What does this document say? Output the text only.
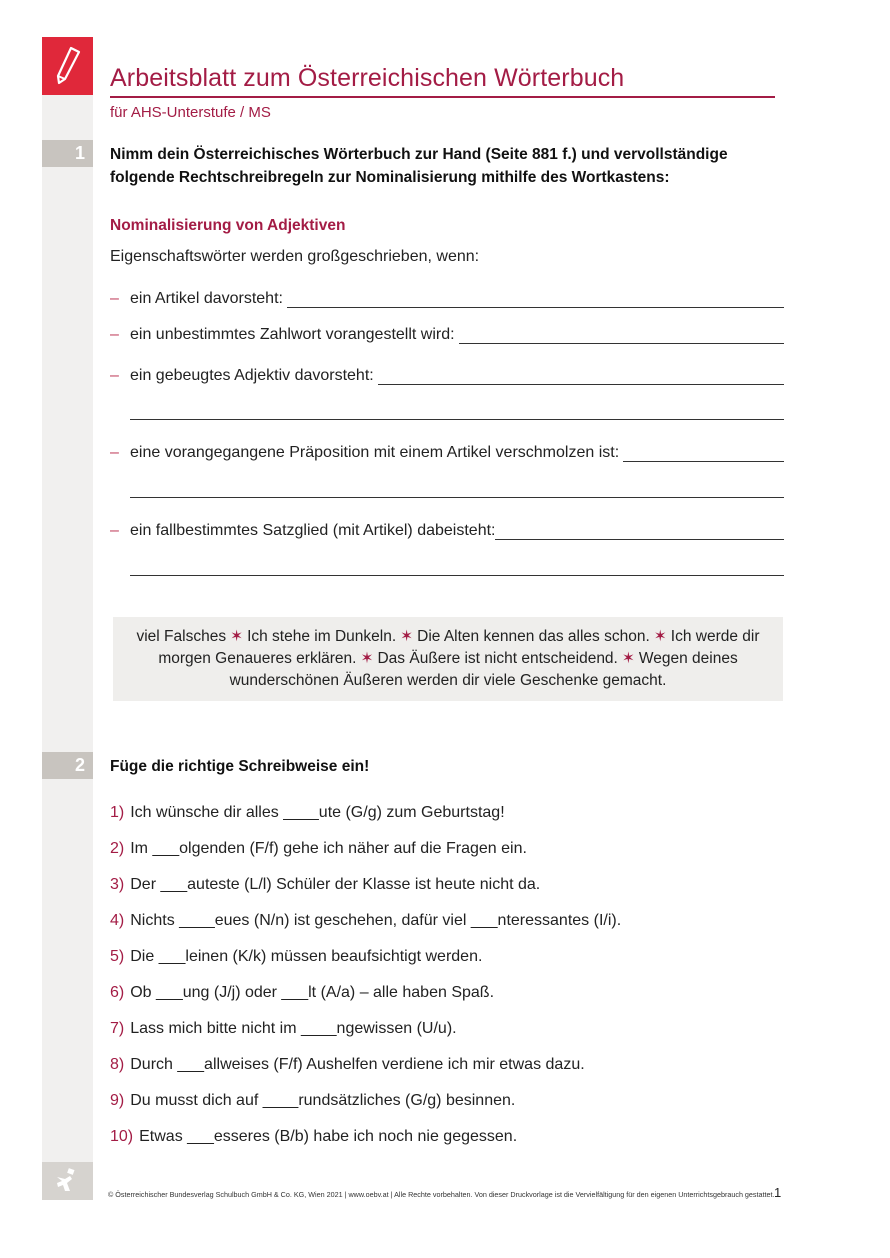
Arbeitsblatt zum Österreichischen Wörterbuch
für AHS-Unterstufe / MS
1	Nimm dein Österreichisches Wörterbuch zur Hand (Seite 881 f.) und vervollständige
folgende Rechtschreibregeln zur Nominalisierung mithilfe des Wortkastens:
Nominalisierung von Adjektiven
Eigenschaftswörter werden großgeschrieben, wenn:
– ein Artikel davorsteht:
– ein unbestimmtes Zahlwort vorangestellt wird:
– ein gebeugtes Adjektiv davorsteht:
– eine vorangegangene Präposition mit einem Artikel verschmolzen ist:
– ein fallbestimmtes Satzglied (mit Artikel) dabeisteht:
viel Falsches ✶ Ich stehe im Dunkeln. ✶ Die Alten kennen das alles schon. ✶ Ich werde dir morgen Genaueres erklären. ✶ Das Äußere ist nicht entscheidend. ✶ Wegen deines wunderschönen Äußeren werden dir viele Geschenke gemacht.
2	Füge die richtige Schreibweise ein!
1) Ich wünsche dir alles ____ute (G/g) zum Geburtstag!
2) Im ___olgenden (F/f) gehe ich näher auf die Fragen ein.
3) Der ___auteste (L/l) Schüler der Klasse ist heute nicht da.
4) Nichts ____eues (N/n) ist geschehen, dafür viel ___nteressantes (I/i).
5) Die ___leinen (K/k) müssen beaufsichtigt werden.
6) Ob ___ung (J/j) oder ___lt (A/a) – alle haben Spaß.
7) Lass mich bitte nicht im ____ngewissen (U/u).
8) Durch ___allweises (F/f) Aushelfen verdiene ich mir etwas dazu.
9) Du musst dich auf ____rundsätzliches (G/g) besinnen.
10) Etwas ___esseres (B/b) habe ich noch nie gegessen.
© Österreichischer Bundesverlag Schulbuch GmbH & Co. KG, Wien 2021 | www.oebv.at | Alle Rechte vorbehalten. Von dieser Druckvorlage ist die Vervielfältigung für den eigenen Unterrichtsgebrauch gestattet. 1
